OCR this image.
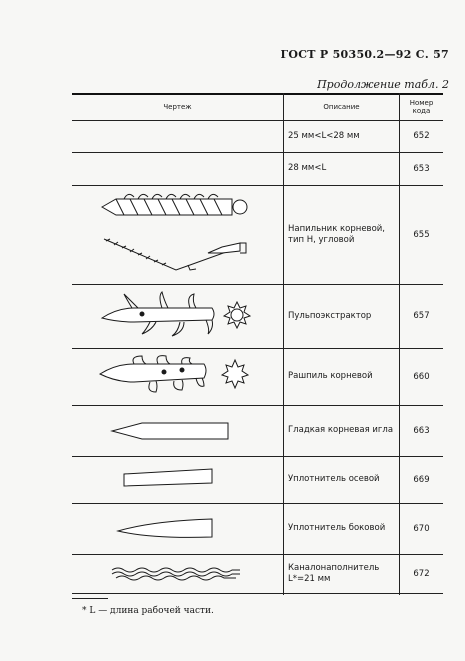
ГОСТ Р 50350.2—92 С. 57
Продолжение табл. 2
Чертеж	Описание	Номер кода
25 мм<L<28 мм	652
28 мм<L	653
Напильник корневой, тип Н, угловой	655
Пульпоэкстрактор	657
Рашпиль корневой	660
Гладкая корневая игла	663
Уплотнитель осевой	669
Уплотнитель боковой	670
Каналонаполнитель L*=21 мм	672
* L — длина рабочей части.
